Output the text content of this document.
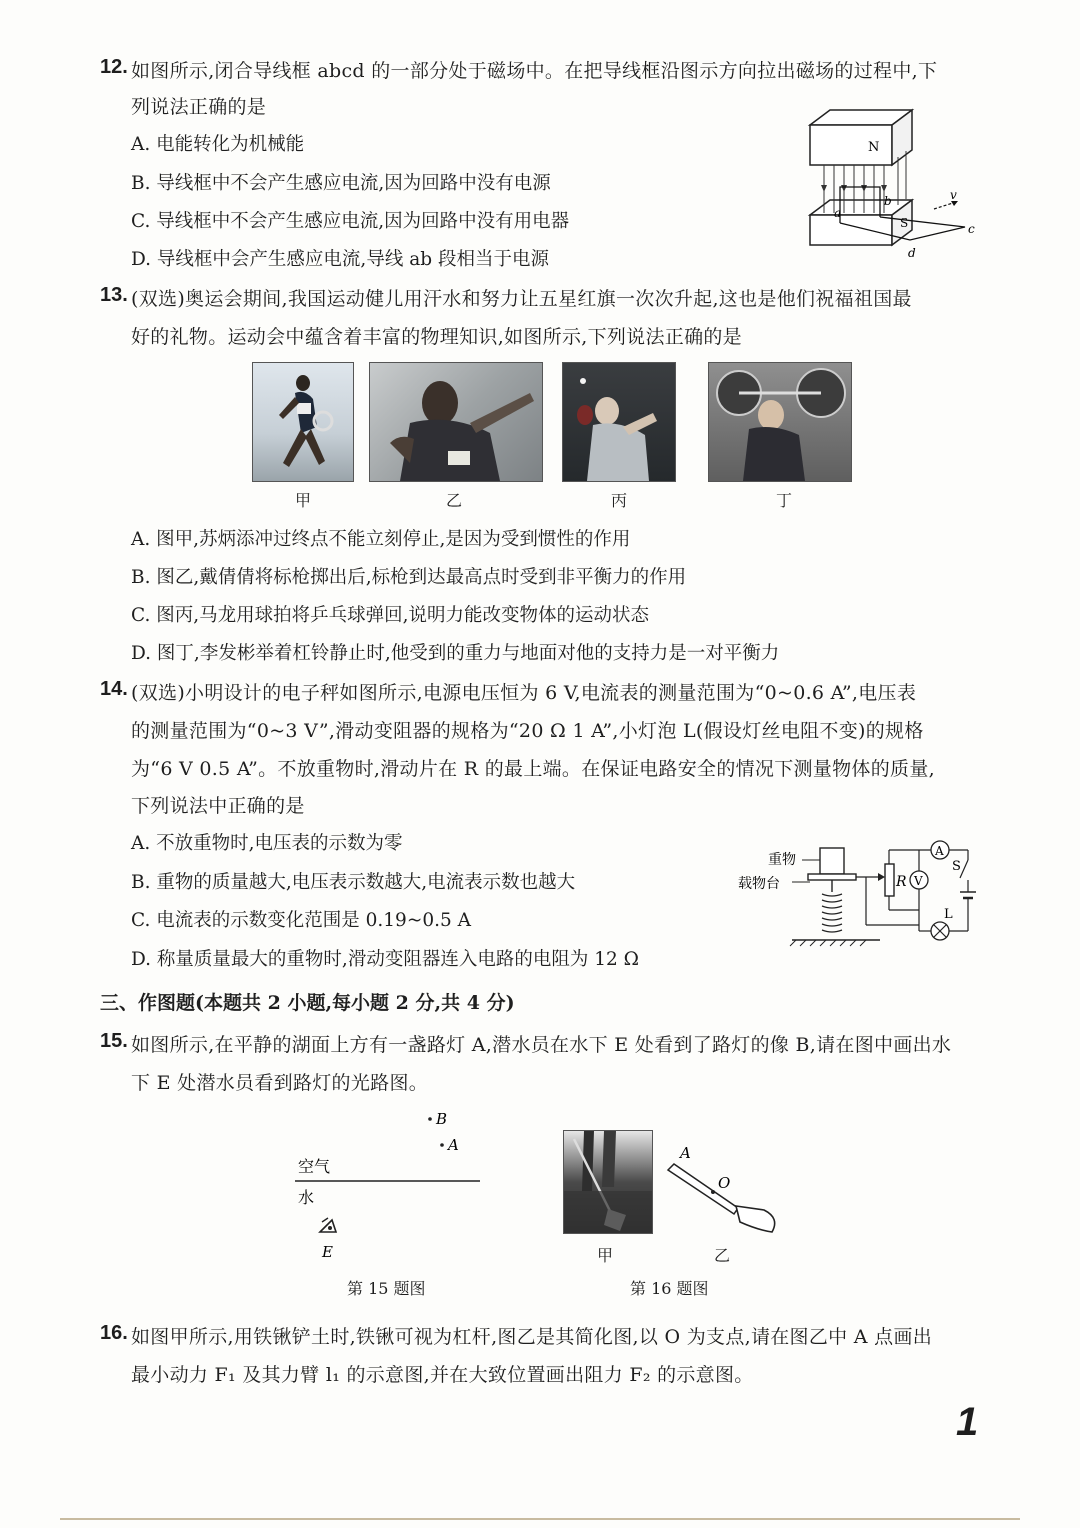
12. 如图所示,闭合导线框 abcd 的一部分处于磁场中。在把导线框沿图示方向拉出磁场的过程中,下
列说法正确的是
A. 电能转化为机械能
B. 导线框中不会产生感应电流,因为回路中没有电源
C. 导线框中不会产生感应电流,因为回路中没有用电器
D. 导线框中会产生感应电流,导线 ab 段相当于电源
N
S
a
b
c
d
v
13. (双选)奥运会期间,我国运动健儿用汗水和努力让五星红旗一次次升起,这也是他们祝福祖国最
好的礼物。运动会中蕴含着丰富的物理知识,如图所示,下列说法正确的是
甲	乙	丙	丁
A. 图甲,苏炳添冲过终点不能立刻停止,是因为受到惯性的作用
B. 图乙,戴倩倩将标枪掷出后,标枪到达最高点时受到非平衡力的作用
C. 图丙,马龙用球拍将乒乓球弹回,说明力能改变物体的运动状态
D. 图丁,李发彬举着杠铃静止时,他受到的重力与地面对他的支持力是一对平衡力
14. (双选)小明设计的电子秤如图所示,电源电压恒为 6 V,电流表的测量范围为“0~0.6 A”,电压表
的测量范围为“0~3 V”,滑动变阻器的规格为“20 Ω 1 A”,小灯泡 L(假设灯丝电阻不变)的规格
为“6 V 0.5 A”。不放重物时,滑动片在 R 的最上端。在保证电路安全的情况下测量物体的质量,
下列说法中正确的是
A. 不放重物时,电压表的示数为零
B. 重物的质量越大,电压表示数越大,电流表示数也越大
C. 电流表的示数变化范围是 0.19~0.5 A
D. 称量质量最大的重物时,滑动变阻器连入电路的电阻为 12 Ω
重物
载物台	R V
A
S
L
三、作图题(本题共 2 小题,每小题 2 分,共 4 分)
15. 如图所示,在平静的湖面上方有一盏路灯 A,潜水员在水下 E 处看到了路灯的像 B,请在图中画出水
下 E 处潜水员看到路灯的光路图。
B
A
空气
水
E
第 15 题图
A
O
甲	乙
第 16 题图
16. 如图甲所示,用铁锹铲土时,铁锹可视为杠杆,图乙是其简化图,以 O 为支点,请在图乙中 A 点画出
最小动力 F₁ 及其力臂 l₁ 的示意图,并在大致位置画出阻力 F₂ 的示意图。
1
